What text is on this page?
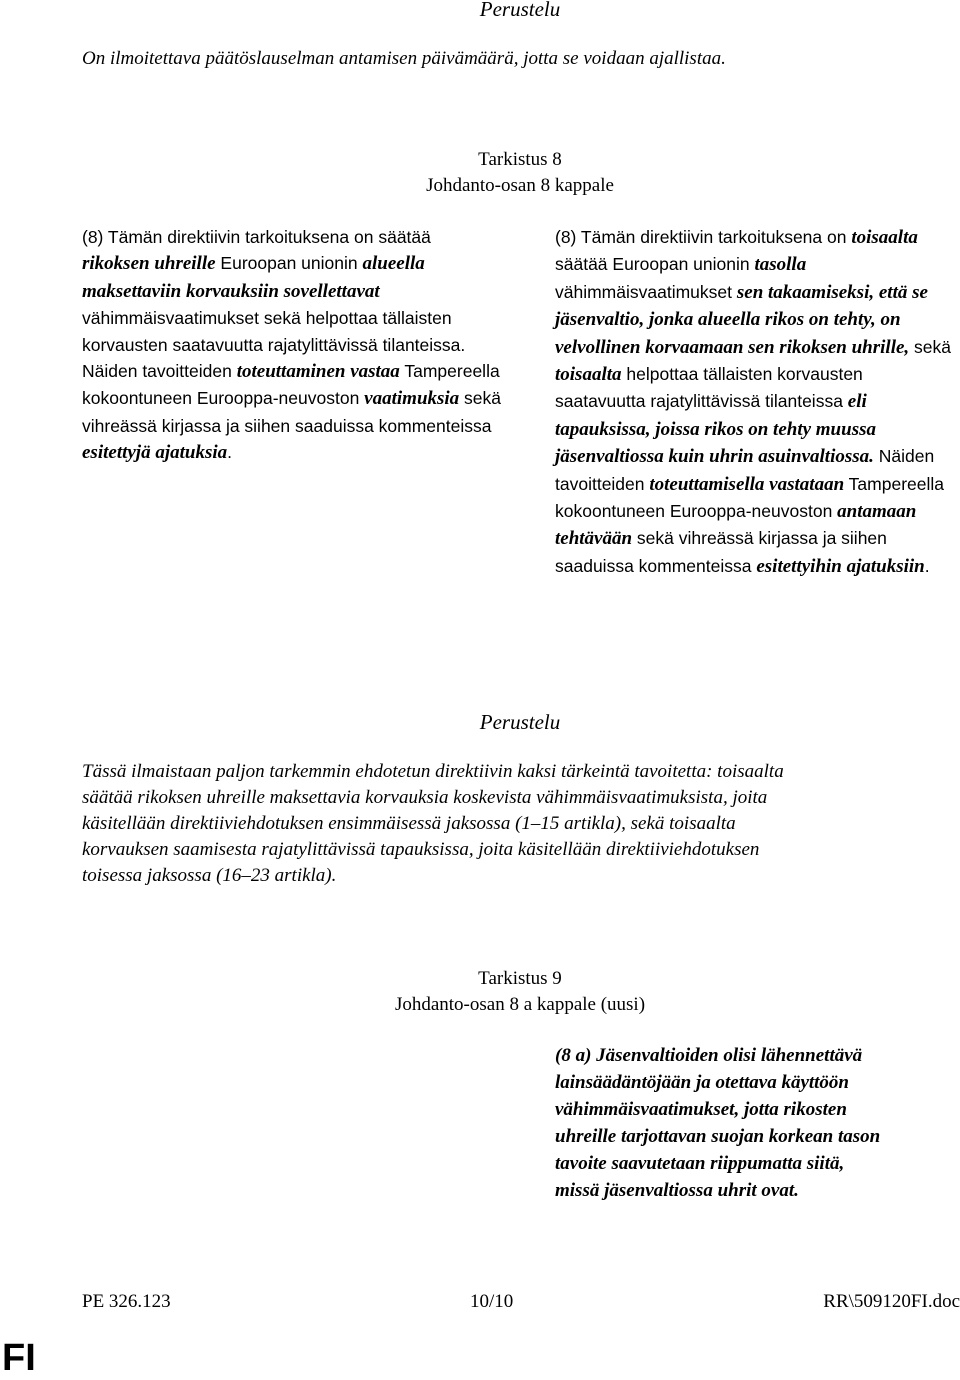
Perustelu
On ilmoitettava päätöslauselman antamisen päivämäärä, jotta se voidaan ajallistaa.
Tarkistus 8
Johdanto-osan 8 kappale
(8) Tämän direktiivin tarkoituksena on säätää rikoksen uhreille Euroopan unionin alueella maksettaviin korvauksiin sovellettavat vähimmäisvaatimukset sekä helpottaa tällaisten korvausten saatavuutta rajatylittävissä tilanteissa. Näiden tavoitteiden toteuttaminen vastaa Tampereella kokoontuneen Eurooppa-neuvoston vaatimuksia sekä vihreässä kirjassa ja siihen saaduissa kommenteissa esitettyjä ajatuksia.
(8) Tämän direktiivin tarkoituksena on toisaalta säätää Euroopan unionin tasolla vähimmäisvaatimukset sen takaamiseksi, että se jäsenvaltio, jonka alueella rikos on tehty, on velvollinen korvaamaan sen rikoksen uhrille, sekä toisaalta helpottaa tällaisten korvausten saatavuutta rajatylittävissä tilanteissa eli tapauksissa, joissa rikos on tehty muussa jäsenvaltiossa kuin uhrin asuinvaltiossa. Näiden tavoitteiden toteuttamisella vastataan Tampereella kokoontuneen Eurooppa-neuvoston antamaan tehtävään sekä vihreässä kirjassa ja siihen saaduissa kommenteissa esitettyihin ajatuksiin.
Perustelu
Tässä ilmaistaan paljon tarkemmin ehdotetun direktiivin kaksi tärkeintä tavoitetta: toisaalta
säätää rikoksen uhreille maksettavia korvauksia koskevista vähimmäisvaatimuksista, joita
käsitellään direktiiviehdotuksen ensimmäisessä jaksossa (1–15 artikla), sekä toisaalta
korvauksen saamisesta rajatylittävissä tapauksissa, joita käsitellään direktiiviehdotuksen
toisessa jaksossa (16–23 artikla).
Tarkistus 9
Johdanto-osan 8 a kappale (uusi)
(8 a) Jäsenvaltioiden olisi lähennettävä
lainsäädäntöjään ja otettava käyttöön
vähimmäisvaatimukset, jotta rikosten
uhreille tarjottavan suojan korkean tason
tavoite saavutetaan riippumatta siitä,
missä jäsenvaltiossa uhrit ovat.
PE 326.123	10/10	RR\509120FI.doc
FI
